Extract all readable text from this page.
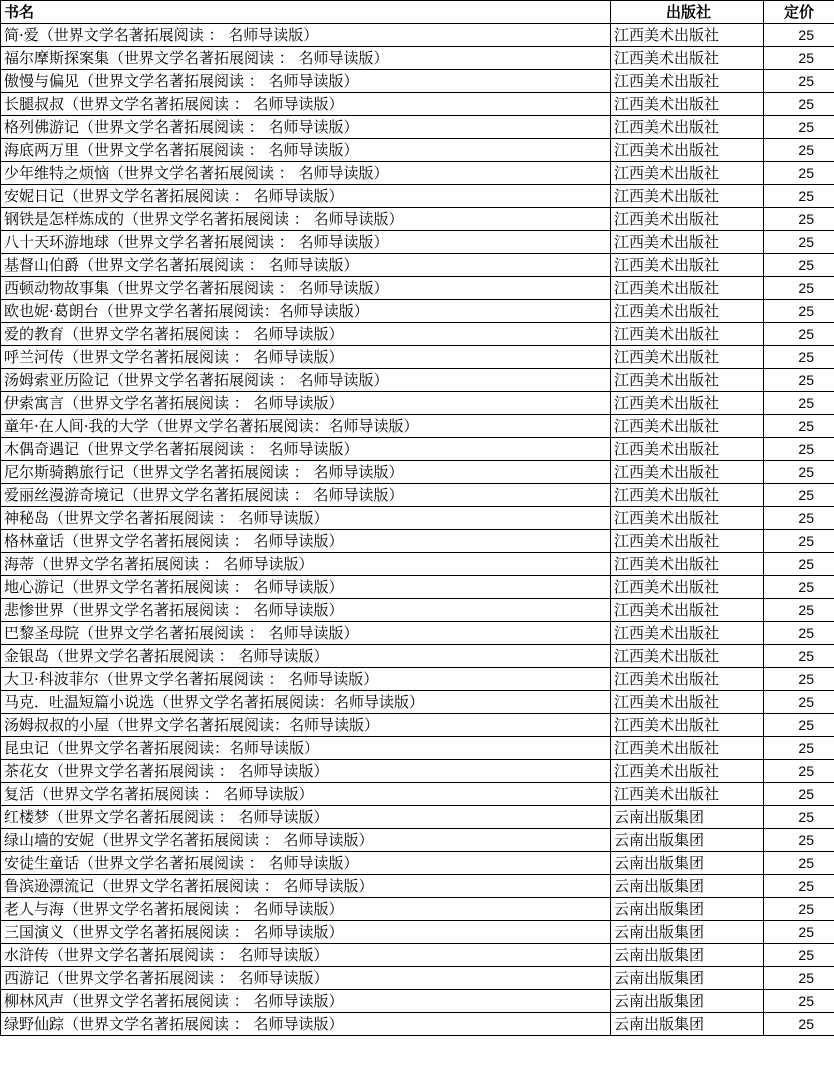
书名	出版社	定价
简·爱（世界文学名著拓展阅读 ： 名师导读版）	江西美术出版社	25
福尔摩斯探案集（世界文学名著拓展阅读 ： 名师导读版）	江西美术出版社	25
傲慢与偏见（世界文学名著拓展阅读 ： 名师导读版）	江西美术出版社	25
长腿叔叔（世界文学名著拓展阅读 ： 名师导读版）	江西美术出版社	25
格列佛游记（世界文学名著拓展阅读 ： 名师导读版）	江西美术出版社	25
海底两万里（世界文学名著拓展阅读 ： 名师导读版）	江西美术出版社	25
少年维特之烦恼（世界文学名著拓展阅读 ： 名师导读版）	江西美术出版社	25
安妮日记（世界文学名著拓展阅读 ： 名师导读版）	江西美术出版社	25
钢铁是怎样炼成的（世界文学名著拓展阅读 ： 名师导读版）	江西美术出版社	25
八十天环游地球（世界文学名著拓展阅读 ： 名师导读版）	江西美术出版社	25
基督山伯爵（世界文学名著拓展阅读 ： 名师导读版）	江西美术出版社	25
西顿动物故事集（世界文学名著拓展阅读 ： 名师导读版）	江西美术出版社	25
欧也妮·葛朗台（世界文学名著拓展阅读：名师导读版）	江西美术出版社	25
爱的教育（世界文学名著拓展阅读 ： 名师导读版）	江西美术出版社	25
呼兰河传（世界文学名著拓展阅读 ： 名师导读版）	江西美术出版社	25
汤姆索亚历险记（世界文学名著拓展阅读 ： 名师导读版）	江西美术出版社	25
伊索寓言（世界文学名著拓展阅读 ： 名师导读版）	江西美术出版社	25
童年·在人间·我的大学（世界文学名著拓展阅读：名师导读版）	江西美术出版社	25
木偶奇遇记（世界文学名著拓展阅读 ： 名师导读版）	江西美术出版社	25
尼尔斯骑鹅旅行记（世界文学名著拓展阅读 ： 名师导读版）	江西美术出版社	25
爱丽丝漫游奇境记（世界文学名著拓展阅读 ： 名师导读版）	江西美术出版社	25
神秘岛（世界文学名著拓展阅读 ： 名师导读版）	江西美术出版社	25
格林童话（世界文学名著拓展阅读 ： 名师导读版）	江西美术出版社	25
海蒂（世界文学名著拓展阅读 ： 名师导读版）	江西美术出版社	25
地心游记（世界文学名著拓展阅读 ： 名师导读版）	江西美术出版社	25
悲惨世界（世界文学名著拓展阅读 ： 名师导读版）	江西美术出版社	25
巴黎圣母院（世界文学名著拓展阅读 ： 名师导读版）	江西美术出版社	25
金银岛（世界文学名著拓展阅读 ： 名师导读版）	江西美术出版社	25
大卫·科波菲尔（世界文学名著拓展阅读 ： 名师导读版）	江西美术出版社	25
马克．吐温短篇小说选（世界文学名著拓展阅读：名师导读版）	江西美术出版社	25
汤姆叔叔的小屋（世界文学名著拓展阅读：名师导读版）	江西美术出版社	25
昆虫记（世界文学名著拓展阅读：名师导读版）	江西美术出版社	25
茶花女（世界文学名著拓展阅读 ： 名师导读版）	江西美术出版社	25
复活（世界文学名著拓展阅读 ： 名师导读版）	江西美术出版社	25
红楼梦（世界文学名著拓展阅读 ： 名师导读版）	云南出版集团	25
绿山墙的安妮（世界文学名著拓展阅读 ： 名师导读版）	云南出版集团	25
安徒生童话（世界文学名著拓展阅读 ： 名师导读版）	云南出版集团	25
鲁滨逊漂流记（世界文学名著拓展阅读 ： 名师导读版）	云南出版集团	25
老人与海（世界文学名著拓展阅读 ： 名师导读版）	云南出版集团	25
三国演义（世界文学名著拓展阅读 ： 名师导读版）	云南出版集团	25
水浒传（世界文学名著拓展阅读 ： 名师导读版）	云南出版集团	25
西游记（世界文学名著拓展阅读 ： 名师导读版）	云南出版集团	25
柳林风声（世界文学名著拓展阅读 ： 名师导读版）	云南出版集团	25
绿野仙踪（世界文学名著拓展阅读 ： 名师导读版）	云南出版集团	25
